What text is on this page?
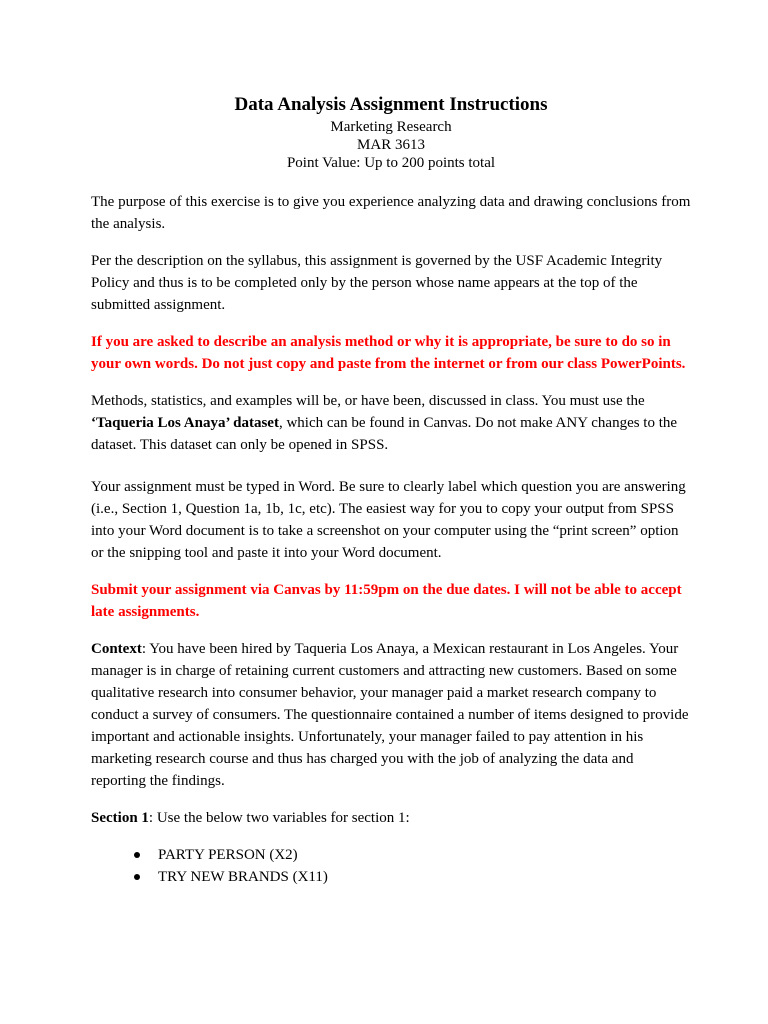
Data Analysis Assignment Instructions
Marketing Research
MAR 3613
Point Value: Up to 200 points total

The purpose of this exercise is to give you experience analyzing data and drawing conclusions from the analysis.

Per the description on the syllabus, this assignment is governed by the USF Academic Integrity Policy and thus is to be completed only by the person whose name appears at the top of the submitted assignment.

If you are asked to describe an analysis method or why it is appropriate, be sure to do so in your own words. Do not just copy and paste from the internet or from our class PowerPoints.

Methods, statistics, and examples will be, or have been, discussed in class. You must use the ‘Taqueria Los Anaya’ dataset, which can be found in Canvas. Do not make ANY changes to the dataset. This dataset can only be opened in SPSS.

Your assignment must be typed in Word. Be sure to clearly label which question you are answering (i.e., Section 1, Question 1a, 1b, 1c, etc). The easiest way for you to copy your output from SPSS into your Word document is to take a screenshot on your computer using the “print screen” option or the snipping tool and paste it into your Word document.

Submit your assignment via Canvas by 11:59pm on the due dates. I will not be able to accept late assignments.

Context: You have been hired by Taqueria Los Anaya, a Mexican restaurant in Los Angeles. Your manager is in charge of retaining current customers and attracting new customers. Based on some qualitative research into consumer behavior, your manager paid a market research company to conduct a survey of consumers. The questionnaire contained a number of items designed to provide important and actionable insights. Unfortunately, your manager failed to pay attention in his marketing research course and thus has charged you with the job of analyzing the data and reporting the findings.

Section 1: Use the below two variables for section 1:

PARTY PERSON (X2)
TRY NEW BRANDS (X11)
